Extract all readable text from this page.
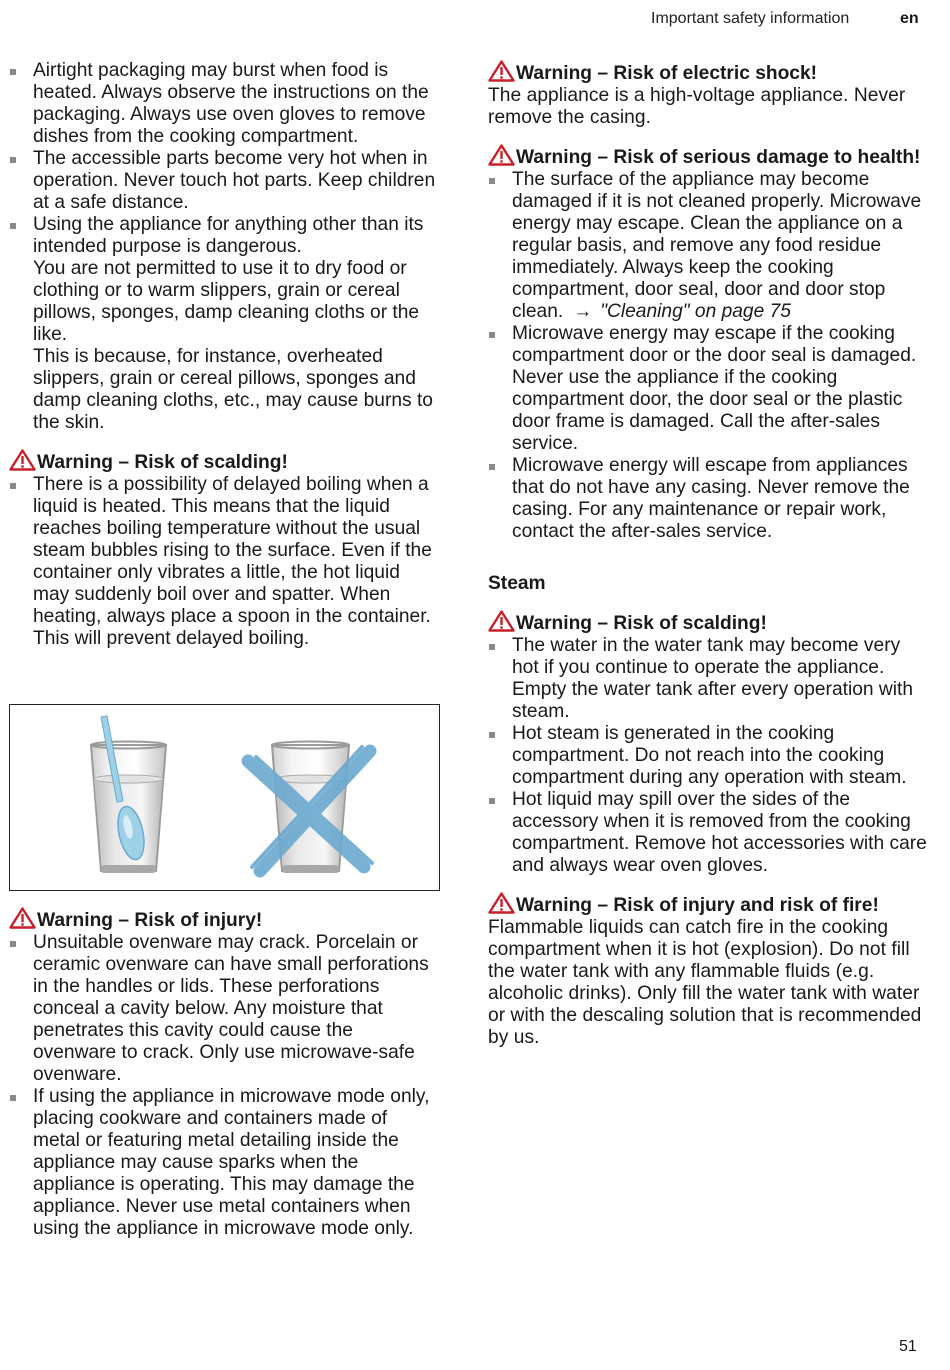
Important safety information	en
Airtight packaging may burst when food is heated. Always observe the instructions on the packaging. Always use oven gloves to remove dishes from the cooking compartment.
The accessible parts become very hot when in operation. Never touch hot parts. Keep children at a safe distance.

Using the appliance for anything other than its intended purpose is dangerous.

You are not permitted to use it to dry food or clothing or to warm slippers, grain or cereal pillows, sponges, damp cleaning cloths or the like.

This is because, for instance, overheated slippers, grain or cereal pillows, sponges and damp cleaning cloths, etc., may cause burns to the skin.

Warning – Risk of scalding!

There is a possibility of delayed boiling when a liquid is heated. This means that the liquid reaches boiling temperature without the usual steam bubbles rising to the surface. Even if the container only vibrates a little, the hot liquid may suddenly boil over and spatter. When heating, always place a spoon in the container. This will prevent delayed boiling.

Warning – Risk of injury!

Unsuitable ovenware may crack. Porcelain or ceramic ovenware can have small perforations in the handles or lids. These perforations conceal a cavity below. Any moisture that penetrates this cavity could cause the ovenware to crack. Only use microwave-safe ovenware.
If using the appliance in microwave mode only, placing cookware and containers made of metal or featuring metal detailing inside the appliance may cause sparks when the appliance is operating. This may damage the appliance. Never use metal containers when using the appliance in microwave mode only.

Warning – Risk of electric shock!

The appliance is a high-voltage appliance. Never remove the casing.

Warning – Risk of serious damage to health!

The surface of the appliance may become damaged if it is not cleaned properly. Microwave energy may escape. Clean the appliance on a regular basis, and remove any food residue immediately. Always keep the cooking compartment, door seal, door and door stop clean. → "Cleaning" on page 75
Microwave energy may escape if the cooking compartment door or the door seal is damaged. Never use the appliance if the cooking compartment door, the door seal or the plastic door frame is damaged. Call the after-sales service.
Microwave energy will escape from appliances that do not have any casing. Never remove the casing. For any maintenance or repair work, contact the after-sales service.

Steam

Warning – Risk of scalding!

The water in the water tank may become very hot if you continue to operate the appliance. Empty the water tank after every operation with steam.
Hot steam is generated in the cooking compartment. Do not reach into the cooking compartment during any operation with steam.
Hot liquid may spill over the sides of the accessory when it is removed from the cooking compartment. Remove hot accessories with care and always wear oven gloves.

Warning – Risk of injury and risk of fire!

Flammable liquids can catch fire in the cooking compartment when it is hot (explosion). Do not fill the water tank with any flammable fluids (e.g. alcoholic drinks). Only fill the water tank with water or with the descaling solution that is recommended by us.

51
